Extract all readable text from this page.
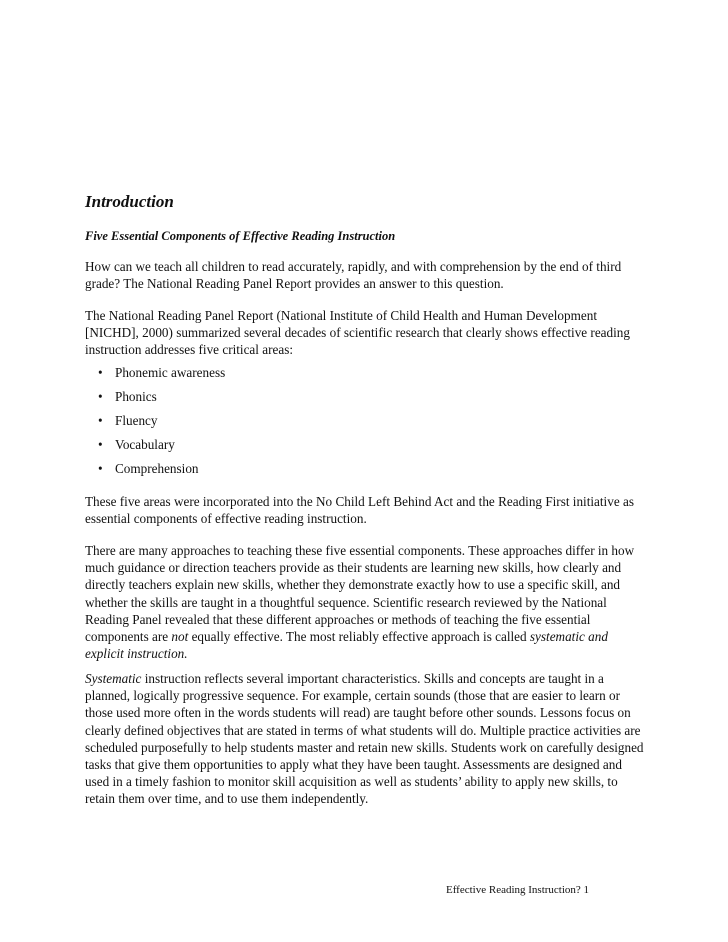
Introduction
Five Essential Components of Effective Reading Instruction

How can we teach all children to read accurately, rapidly, and with comprehension by the end of third grade? The National Reading Panel Report provides an answer to this question.

The National Reading Panel Report (National Institute of Child Health and Human Development [NICHD], 2000) summarized several decades of scientific research that clearly shows effective reading instruction addresses five critical areas:

• Phonemic awareness
• Phonics
• Fluency
• Vocabulary
• Comprehension

These five areas were incorporated into the No Child Left Behind Act and the Reading First initiative as essential components of effective reading instruction.

There are many approaches to teaching these five essential components. These approaches differ in how much guidance or direction teachers provide as their students are learning new skills, how clearly and directly teachers explain new skills, whether they demonstrate exactly how to use a specific skill, and whether the skills are taught in a thoughtful sequence. Scientific research reviewed by the National Reading Panel revealed that these different approaches or methods of teaching the five essential components are not equally effective. The most reliably effective approach is called systematic and explicit instruction.

Systematic instruction reflects several important characteristics. Skills and concepts are taught in a planned, logically progressive sequence. For example, certain sounds (those that are easier to learn or those used more often in the words students will read) are taught before other sounds. Lessons focus on clearly defined objectives that are stated in terms of what students will do. Multiple practice activities are scheduled purposefully to help students master and retain new skills. Students work on carefully designed tasks that give them opportunities to apply what they have been taught. Assessments are designed and used in a timely fashion to monitor skill acquisition as well as students’ ability to apply new skills, to retain them over time, and to use them independently.

Effective Reading Instruction? 1
